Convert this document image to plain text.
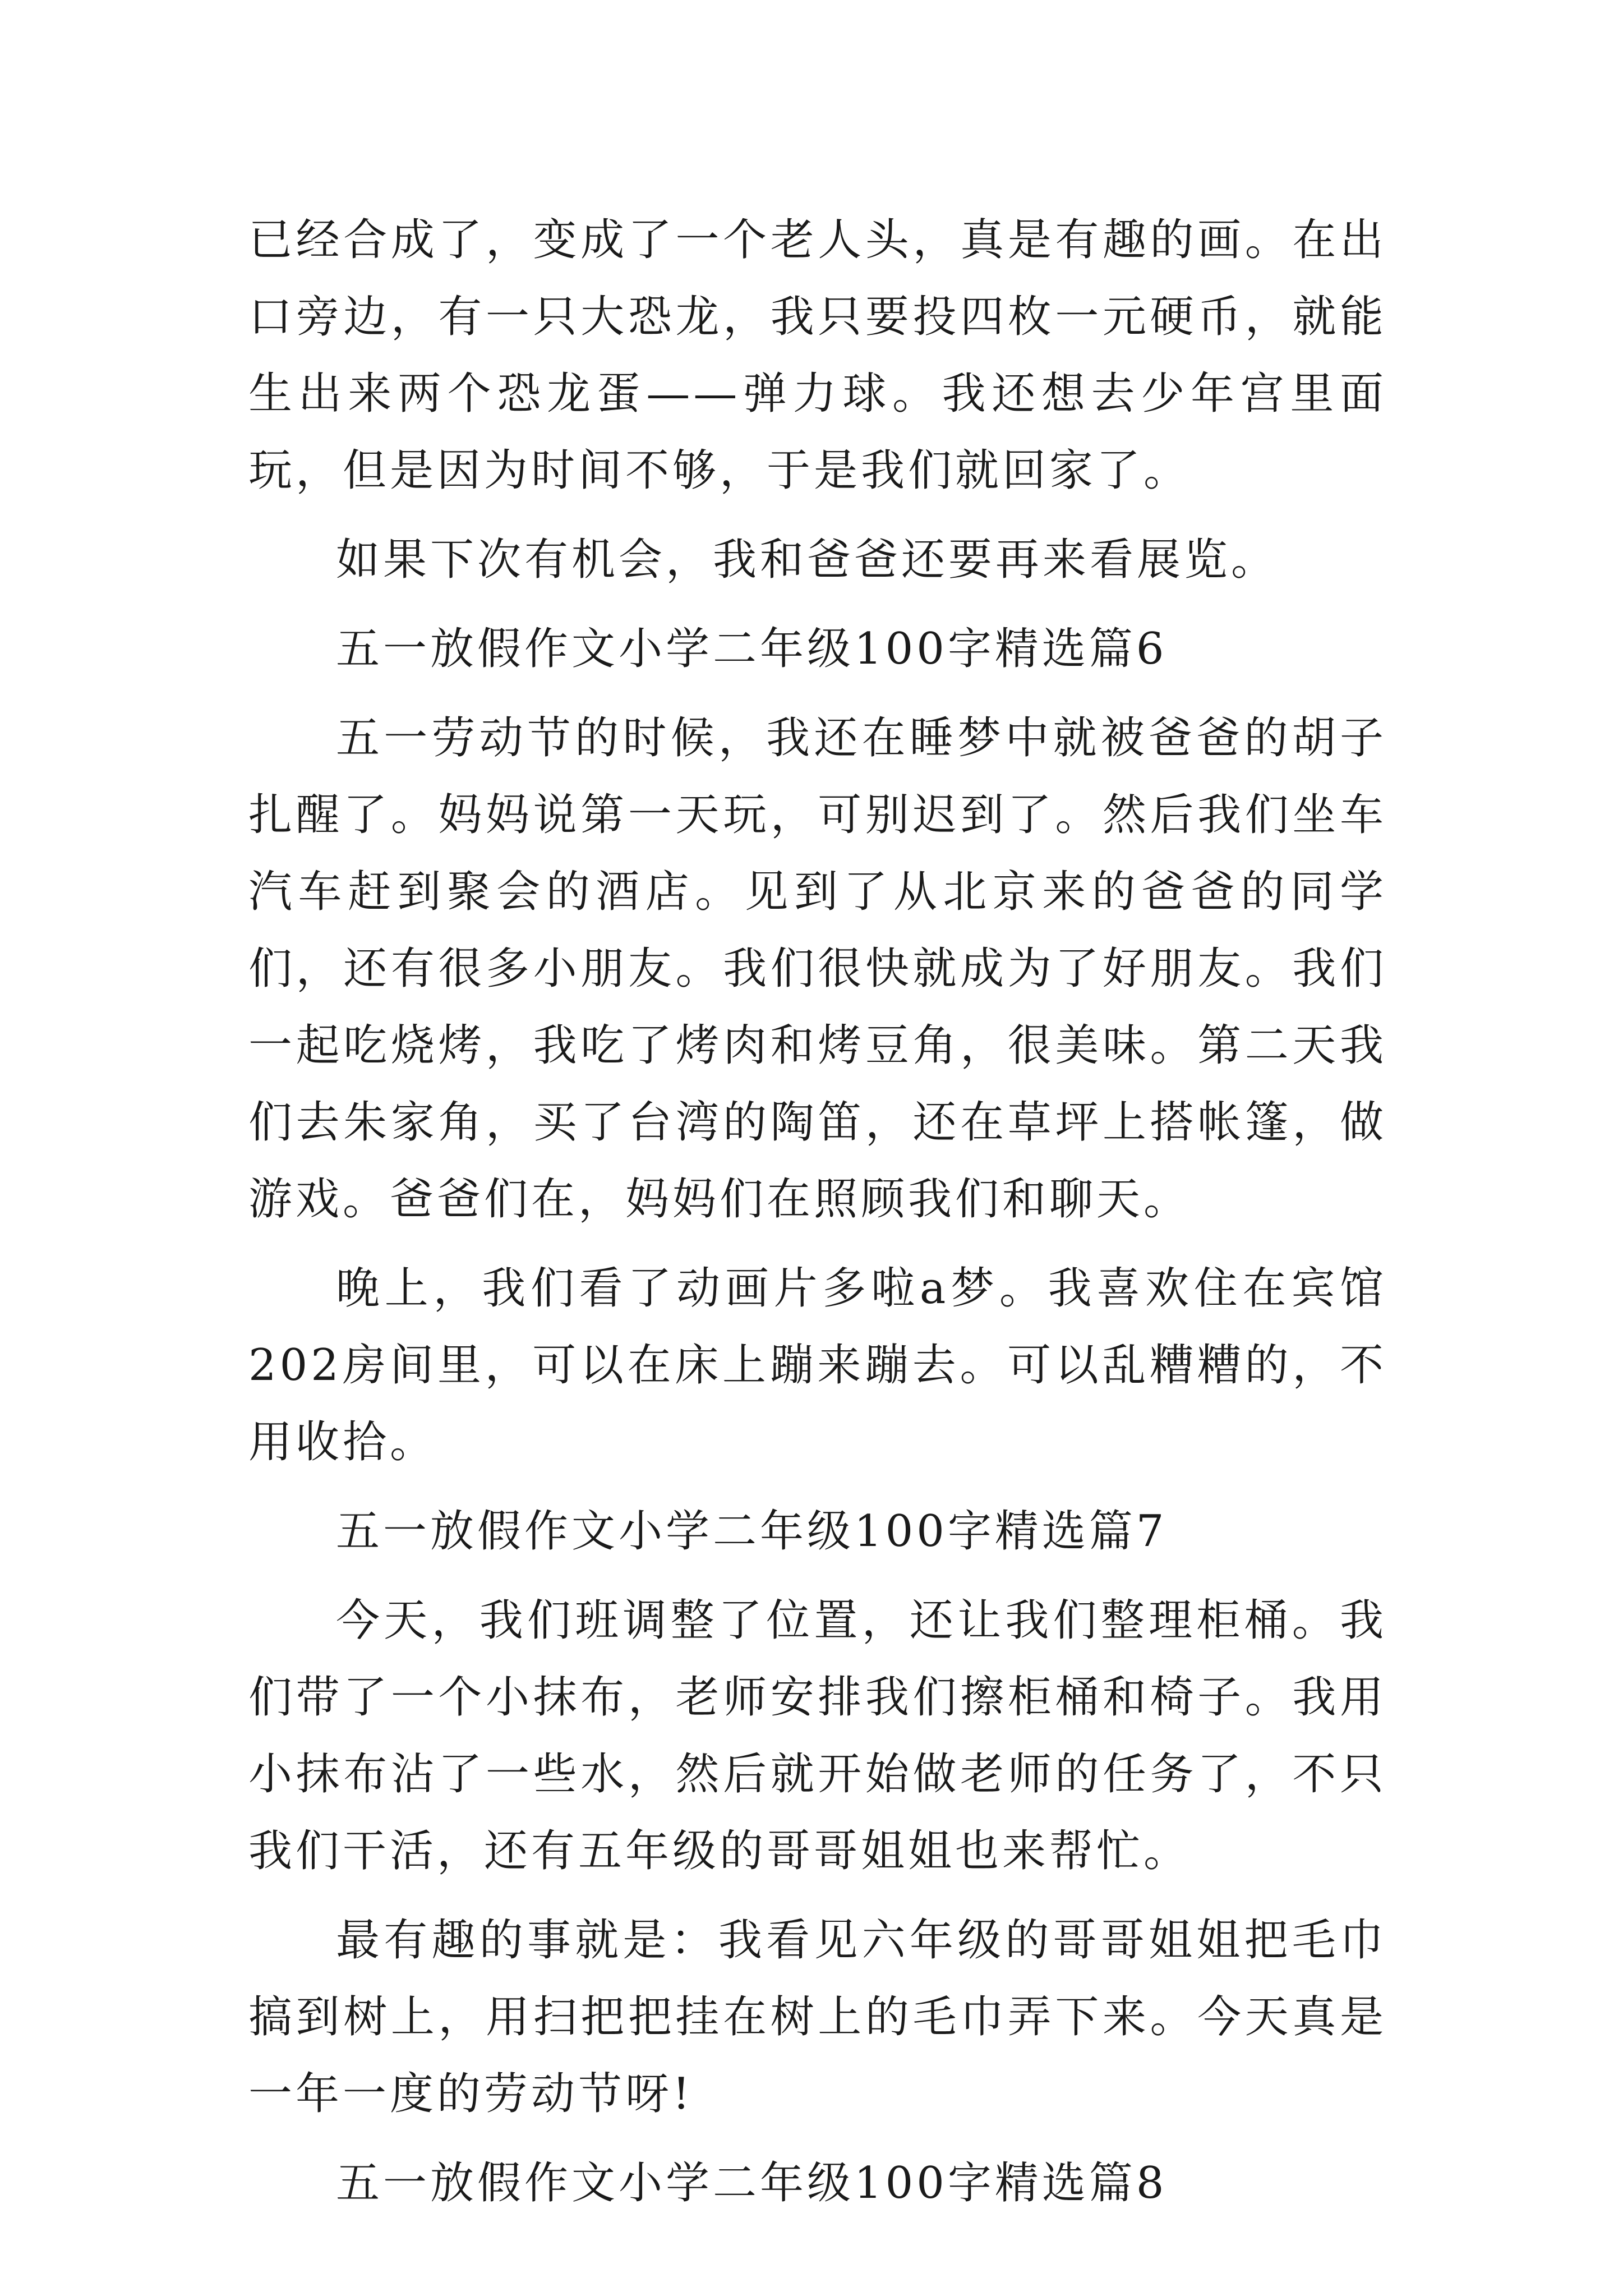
已经合成了，变成了一个老人头，真是有趣的画。在出口旁边，有一只大恐龙，我只要投四枚一元硬币，就能生出来两个恐龙蛋——弹力球。我还想去少年宫里面玩，但是因为时间不够，于是我们就回家了。

如果下次有机会，我和爸爸还要再来看展览。

五一放假作文小学二年级100字精选篇6

五一劳动节的时候，我还在睡梦中就被爸爸的胡子扎醒了。妈妈说第一天玩，可别迟到了。然后我们坐车汽车赶到聚会的酒店。见到了从北京来的爸爸的同学们，还有很多小朋友。我们很快就成为了好朋友。我们一起吃烧烤，我吃了烤肉和烤豆角，很美味。第二天我们去朱家角，买了台湾的陶笛，还在草坪上搭帐篷，做游戏。爸爸们在，妈妈们在照顾我们和聊天。

晚上，我们看了动画片多啦a梦。我喜欢住在宾馆202房间里，可以在床上蹦来蹦去。可以乱糟糟的，不用收拾。

五一放假作文小学二年级100字精选篇7

今天，我们班调整了位置，还让我们整理柜桶。我们带了一个小抹布，老师安排我们擦柜桶和椅子。我用小抹布沾了一些水，然后就开始做老师的任务了，不只我们干活，还有五年级的哥哥姐姐也来帮忙。

最有趣的事就是：我看见六年级的哥哥姐姐把毛巾搞到树上，用扫把把挂在树上的毛巾弄下来。今天真是一年一度的劳动节呀!

五一放假作文小学二年级100字精选篇8
